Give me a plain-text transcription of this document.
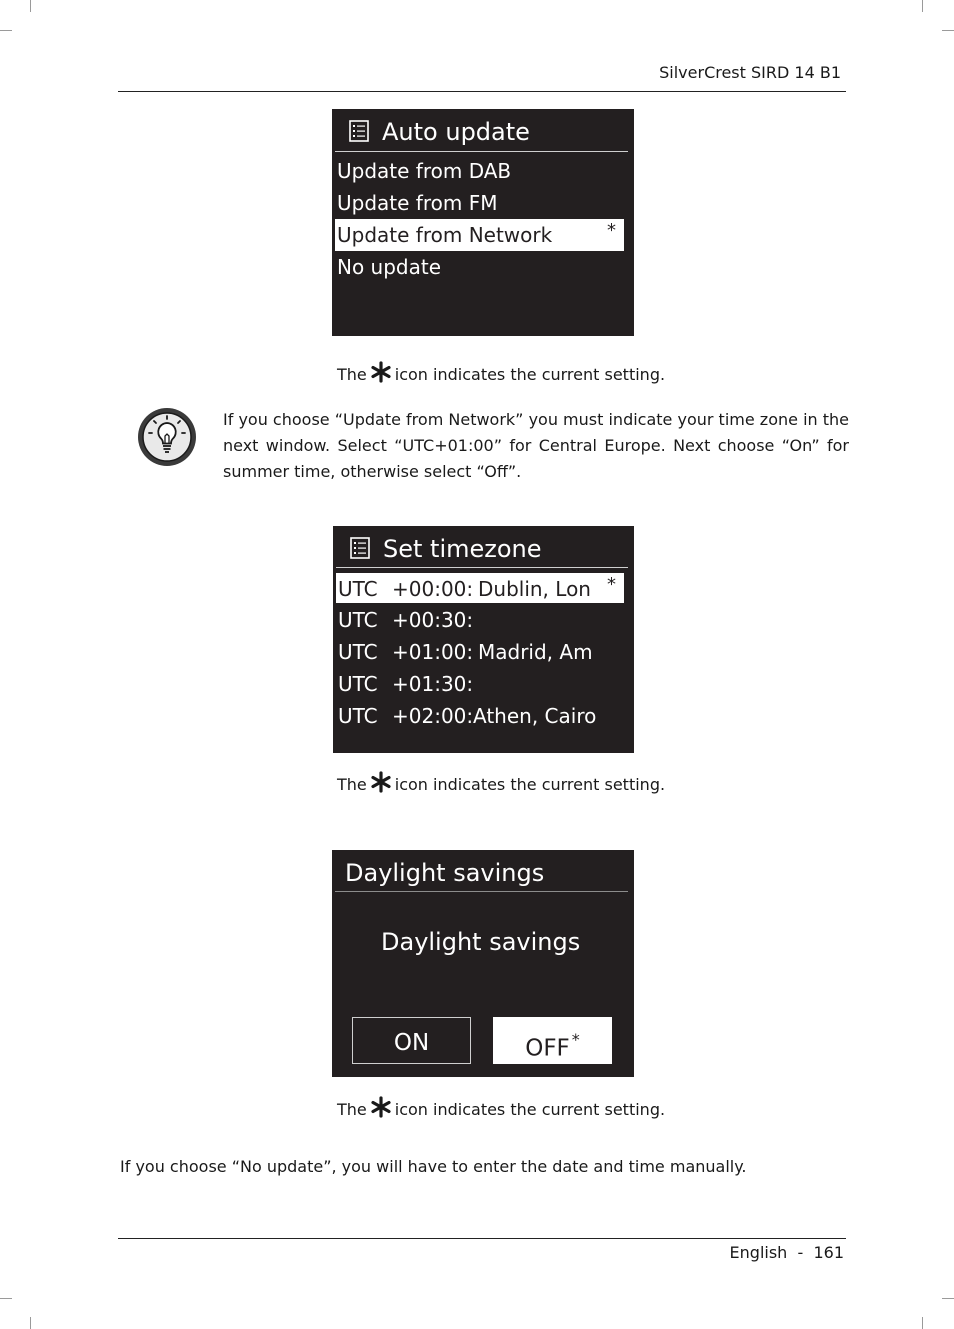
SilverCrest SIRD 14 B1
Auto update
Update from DAB
Update from FM
Update from Network	*
No update
The icon indicates the current setting.
If you choose “Update from Network” you must indicate your time zone in the next window. Select “UTC+01:00” for Central Europe. Next choose “On” for summer time, otherwise select “Off”.
Set timezone
UTC +00:00: Dublin, Lon *
UTC +00:30:
UTC +01:00: Madrid, Am
UTC +01:30:
UTC +02:00: Athen, Cairo
The icon indicates the current setting.
Daylight savings
Daylight savings
ON	OFF *
The icon indicates the current setting.
If you choose “No update”, you will have to enter the date and time manually.
English - 161
